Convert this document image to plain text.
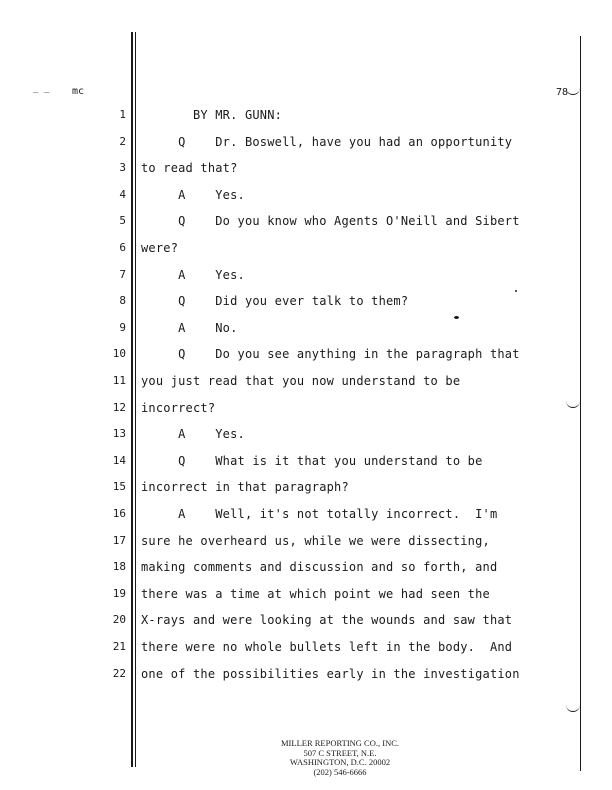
— — mc	78
1 BY MR. GUNN:
2 Q    Dr. Boswell, have you had an opportunity
3 to read that?
4 A    Yes.
5 Q    Do you know who Agents O'Neill and Sibert
6 were?
7 A    Yes.
8 Q    Did you ever talk to them?
9 A    No.
10 Q    Do you see anything in the paragraph that
11 you just read that you now understand to be
12 incorrect?
13 A    Yes.
14 Q    What is it that you understand to be
15 incorrect in that paragraph?
16 A    Well, it's not totally incorrect.  I'm
17 sure he overheard us, while we were dissecting,
18 making comments and discussion and so forth, and
19 there was a time at which point we had seen the
20 X-rays and were looking at the wounds and saw that
21 there were no whole bullets left in the body.  And
22 one of the possibilities early in the investigation
MILLER REPORTING CO., INC.
507 C STREET, N.E.
WASHINGTON, D.C. 20002
(202) 546-6666
